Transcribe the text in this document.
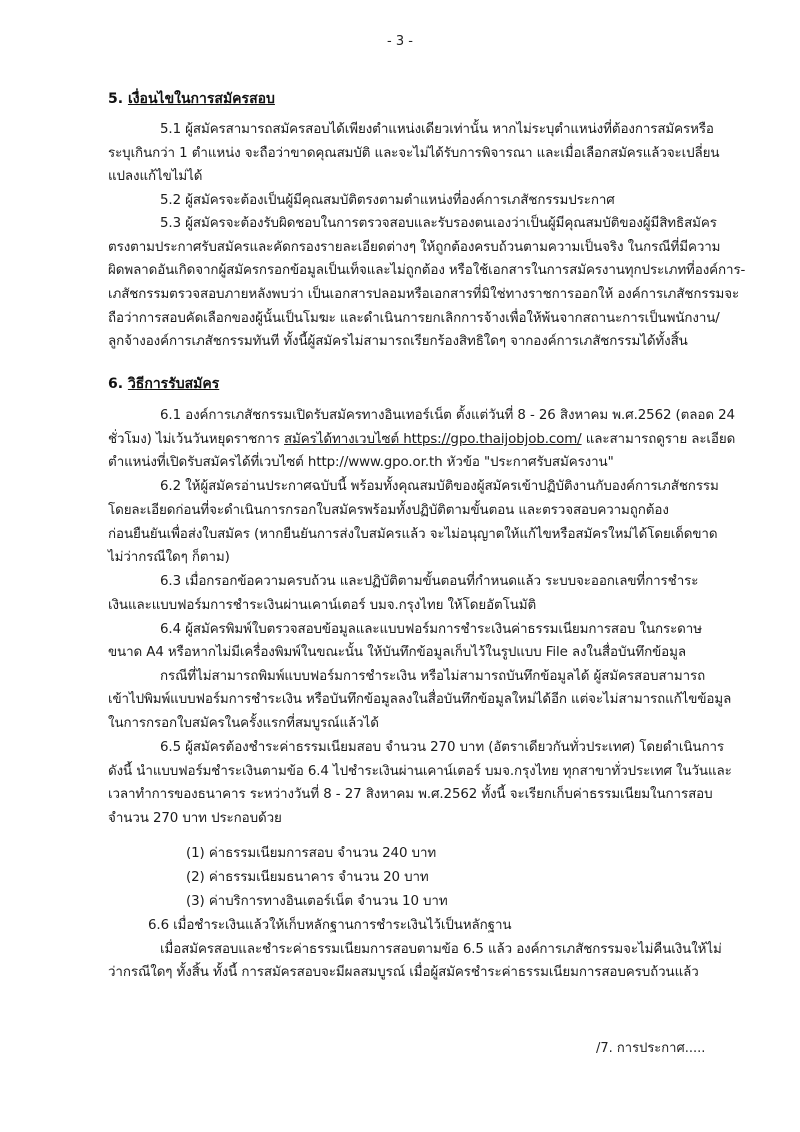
- 3 -
5. เงื่อนไขในการสมัครสอบ
5.1 ผู้สมัครสามารถสมัครสอบได้เพียงตำแหน่งเดียวเท่านั้น หากไม่ระบุตำแหน่งที่ต้องการสมัครหรือ
ระบุเกินกว่า 1 ตำแหน่ง จะถือว่าขาดคุณสมบัติ และจะไม่ได้รับการพิจารณา และเมื่อเลือกสมัครแล้วจะเปลี่ยน
แปลงแก้ไขไม่ได้
5.2 ผู้สมัครจะต้องเป็นผู้มีคุณสมบัติตรงตามตำแหน่งที่องค์การเภสัชกรรมประกาศ
5.3 ผู้สมัครจะต้องรับผิดชอบในการตรวจสอบและรับรองตนเองว่าเป็นผู้มีคุณสมบัติของผู้มีสิทธิสมัคร
ตรงตามประกาศรับสมัครและคัดกรองรายละเอียดต่างๆ ให้ถูกต้องครบถ้วนตามความเป็นจริง ในกรณีที่มีความ
ผิดพลาดอันเกิดจากผู้สมัครกรอกข้อมูลเป็นเท็จและไม่ถูกต้อง หรือใช้เอกสารในการสมัครงานทุกประเภทที่องค์การ-
เภสัชกรรมตรวจสอบภายหลังพบว่า เป็นเอกสารปลอมหรือเอกสารที่มิใช่ทางราชการออกให้ องค์การเภสัชกรรมจะ
ถือว่าการสอบคัดเลือกของผู้นั้นเป็นโมฆะ และดำเนินการยกเลิกการจ้างเพื่อให้พ้นจากสถานะการเป็นพนักงาน/
ลูกจ้างองค์การเภสัชกรรมทันที ทั้งนี้ผู้สมัครไม่สามารถเรียกร้องสิทธิใดๆ จากองค์การเภสัชกรรมได้ทั้งสิ้น
6. วิธีการรับสมัคร
6.1 องค์การเภสัชกรรมเปิดรับสมัครทางอินเทอร์เน็ต ตั้งแต่วันที่ 8 - 26 สิงหาคม พ.ศ.2562 (ตลอด 24
ชั่วโมง) ไม่เว้นวันหยุดราชการ สมัครได้ทางเวบไซต์ https://gpo.thaijobjob.com/ และสามารถดูราย ละเอียด
ตำแหน่งที่เปิดรับสมัครได้ที่เวบไซต์ http://www.gpo.or.th หัวข้อ "ประกาศรับสมัครงาน"
6.2 ให้ผู้สมัครอ่านประกาศฉบับนี้ พร้อมทั้งคุณสมบัติของผู้สมัครเข้าปฏิบัติงานกับองค์การเภสัชกรรม
โดยละเอียดก่อนที่จะดำเนินการกรอกใบสมัครพร้อมทั้งปฏิบัติตามขั้นตอน และตรวจสอบความถูกต้อง
ก่อนยืนยันเพื่อส่งใบสมัคร (หากยืนยันการส่งใบสมัครแล้ว จะไม่อนุญาตให้แก้ไขหรือสมัครใหม่ได้โดยเด็ดขาด
ไม่ว่ากรณีใดๆ ก็ตาม)
6.3 เมื่อกรอกข้อความครบถ้วน และปฏิบัติตามขั้นตอนที่กำหนดแล้ว ระบบจะออกเลขที่การชำระ
เงินและแบบฟอร์มการชำระเงินผ่านเคาน์เตอร์ บมจ.กรุงไทย ให้โดยอัตโนมัติ
6.4 ผู้สมัครพิมพ์ใบตรวจสอบข้อมูลและแบบฟอร์มการชำระเงินค่าธรรมเนียมการสอบ ในกระดาษ
ขนาด A4 หรือหากไม่มีเครื่องพิมพ์ในขณะนั้น ให้บันทึกข้อมูลเก็บไว้ในรูปแบบ File ลงในสื่อบันทึกข้อมูล
กรณีที่ไม่สามารถพิมพ์แบบฟอร์มการชำระเงิน หรือไม่สามารถบันทึกข้อมูลได้ ผู้สมัครสอบสามารถ
เข้าไปพิมพ์แบบฟอร์มการชำระเงิน หรือบันทึกข้อมูลลงในสื่อบันทึกข้อมูลใหม่ได้อีก แต่จะไม่สามารถแก้ไขข้อมูล
ในการกรอกใบสมัครในครั้งแรกที่สมบูรณ์แล้วได้
6.5 ผู้สมัครต้องชำระค่าธรรมเนียมสอบ จำนวน 270 บาท (อัตราเดียวกันทั่วประเทศ) โดยดำเนินการ
ดังนี้ นำแบบฟอร์มชำระเงินตามข้อ 6.4 ไปชำระเงินผ่านเคาน์เตอร์ บมจ.กรุงไทย ทุกสาขาทั่วประเทศ ในวันและ
เวลาทำการของธนาคาร ระหว่างวันที่ 8 - 27 สิงหาคม พ.ศ.2562 ทั้งนี้ จะเรียกเก็บค่าธรรมเนียมในการสอบ
จำนวน 270 บาท ประกอบด้วย
(1) ค่าธรรมเนียมการสอบ จำนวน 240 บาท
(2) ค่าธรรมเนียมธนาคาร จำนวน 20 บาท
(3) ค่าบริการทางอินเตอร์เน็ต จำนวน 10 บาท
6.6 เมื่อชำระเงินแล้วให้เก็บหลักฐานการชำระเงินไว้เป็นหลักฐาน
เมื่อสมัครสอบและชำระค่าธรรมเนียมการสอบตามข้อ 6.5 แล้ว องค์การเภสัชกรรมจะไม่คืนเงินให้ไม่
ว่ากรณีใดๆ ทั้งสิ้น ทั้งนี้ การสมัครสอบจะมีผลสมบูรณ์ เมื่อผู้สมัครชำระค่าธรรมเนียมการสอบครบถ้วนแล้ว
/7. การประกาศ.....
